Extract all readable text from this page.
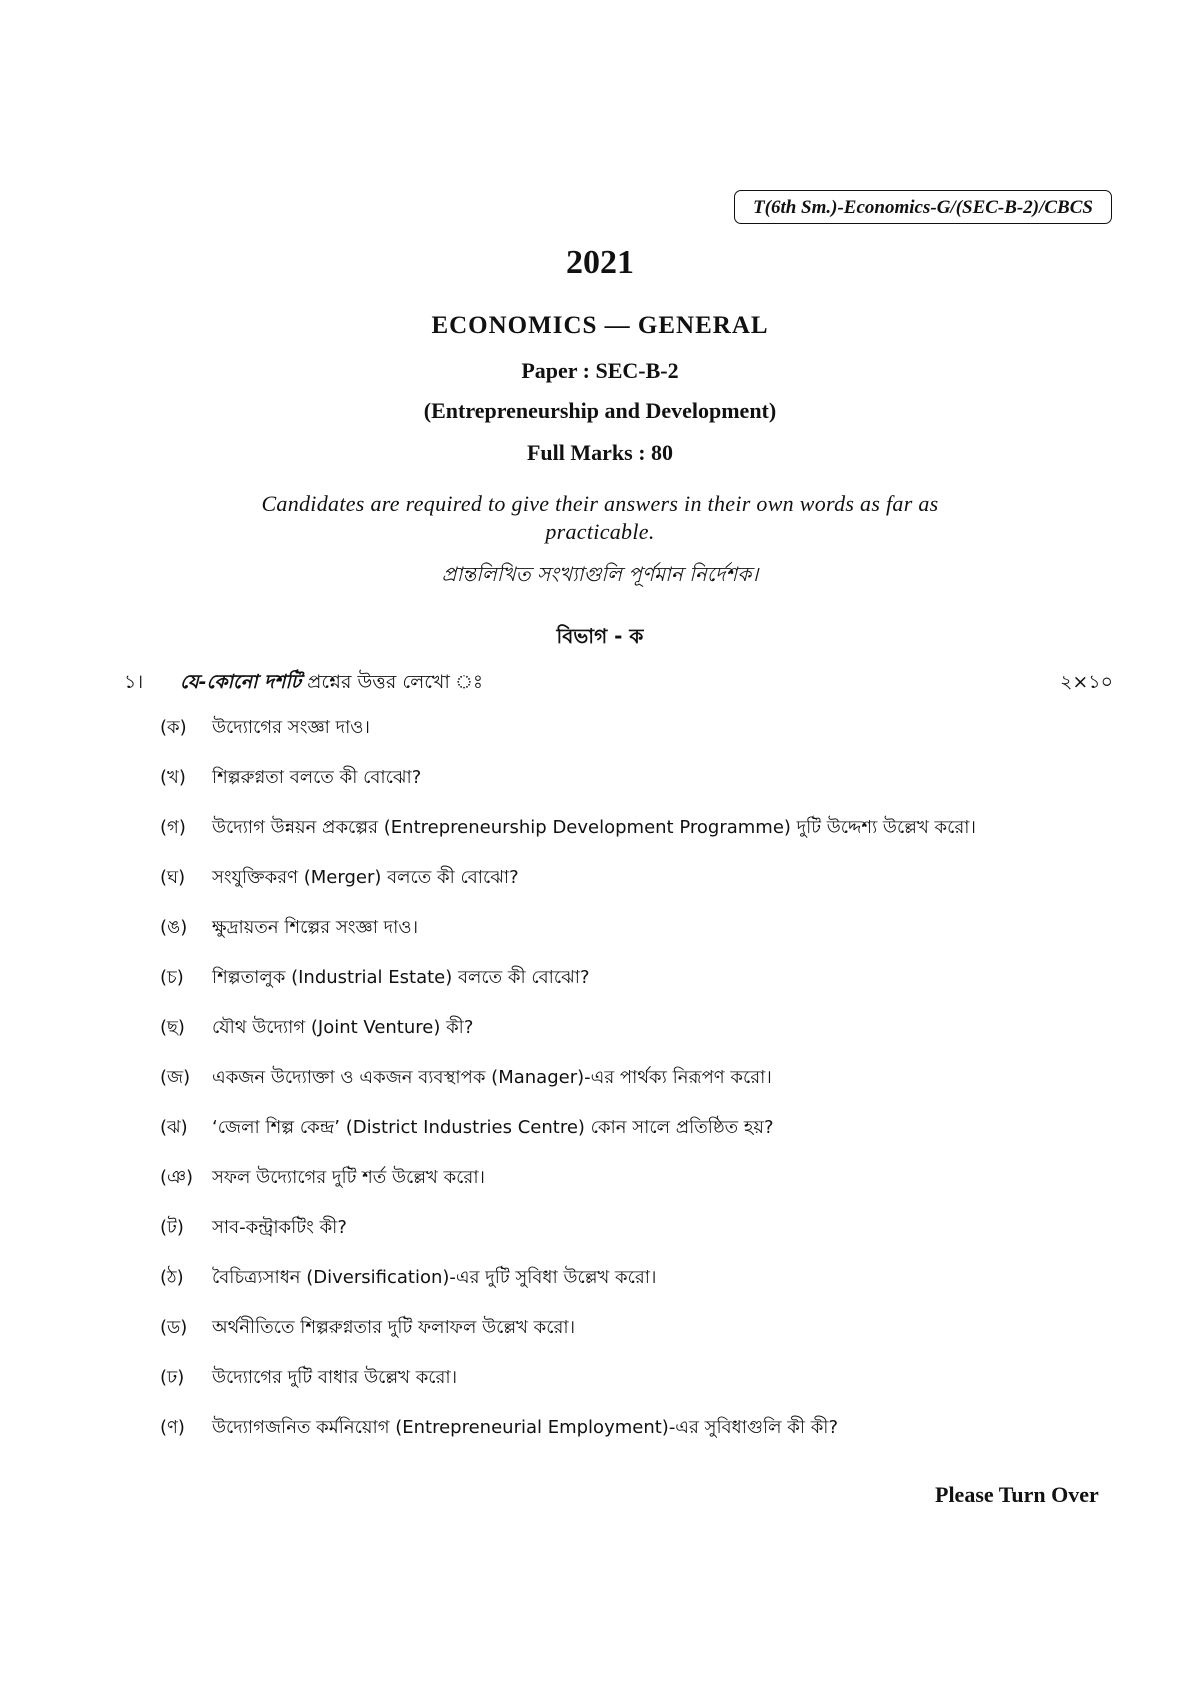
T(6th Sm.)-Economics-G/(SEC-B-2)/CBCS
2021
ECONOMICS — GENERAL
Paper : SEC-B-2
(Entrepreneurship and Development)
Full Marks : 80
Candidates are required to give their answers in their own words as far as practicable.
প্রান্তলিখিত সংখ্যাগুলি পূর্ণমান নির্দেশক।
বিভাগ - ক
১। যে-কোনো দশটি প্রশ্নের উত্তর লেখো ঃ	২×১০
(ক)	উদ্যোগের সংজ্ঞা দাও।
(খ)	শিল্পরুগ্নতা বলতে কী বোঝো?
(গ)	উদ্যোগ উন্নয়ন প্রকল্পের (Entrepreneurship Development Programme) দুটি উদ্দেশ্য উল্লেখ করো।
(ঘ)	সংযুক্তিকরণ (Merger) বলতে কী বোঝো?
(ঙ)	ক্ষুদ্রায়তন শিল্পের সংজ্ঞা দাও।
(চ)	শিল্পতালুক (Industrial Estate) বলতে কী বোঝো?
(ছ)	যৌথ উদ্যোগ (Joint Venture) কী?
(জ)	একজন উদ্যোক্তা ও একজন ব্যবস্থাপক (Manager)-এর পার্থক্য নিরূপণ করো।
(ঝ)	‘জেলা শিল্প কেন্দ্র’ (District Industries Centre) কোন সালে প্রতিষ্ঠিত হয়?
(ঞ)	সফল উদ্যোগের দুটি শর্ত উল্লেখ করো।
(ট)	সাব-কন্ট্রাকটিং কী?
(ঠ)	বৈচিত্র্যসাধন (Diversification)-এর দুটি সুবিধা উল্লেখ করো।
(ড)	অর্থনীতিতে শিল্পরুগ্নতার দুটি ফলাফল উল্লেখ করো।
(ঢ)	উদ্যোগের দুটি বাধার উল্লেখ করো।
(ণ)	উদ্যোগজনিত কর্মনিয়োগ (Entrepreneurial Employment)-এর সুবিধাগুলি কী কী?
Please Turn Over
